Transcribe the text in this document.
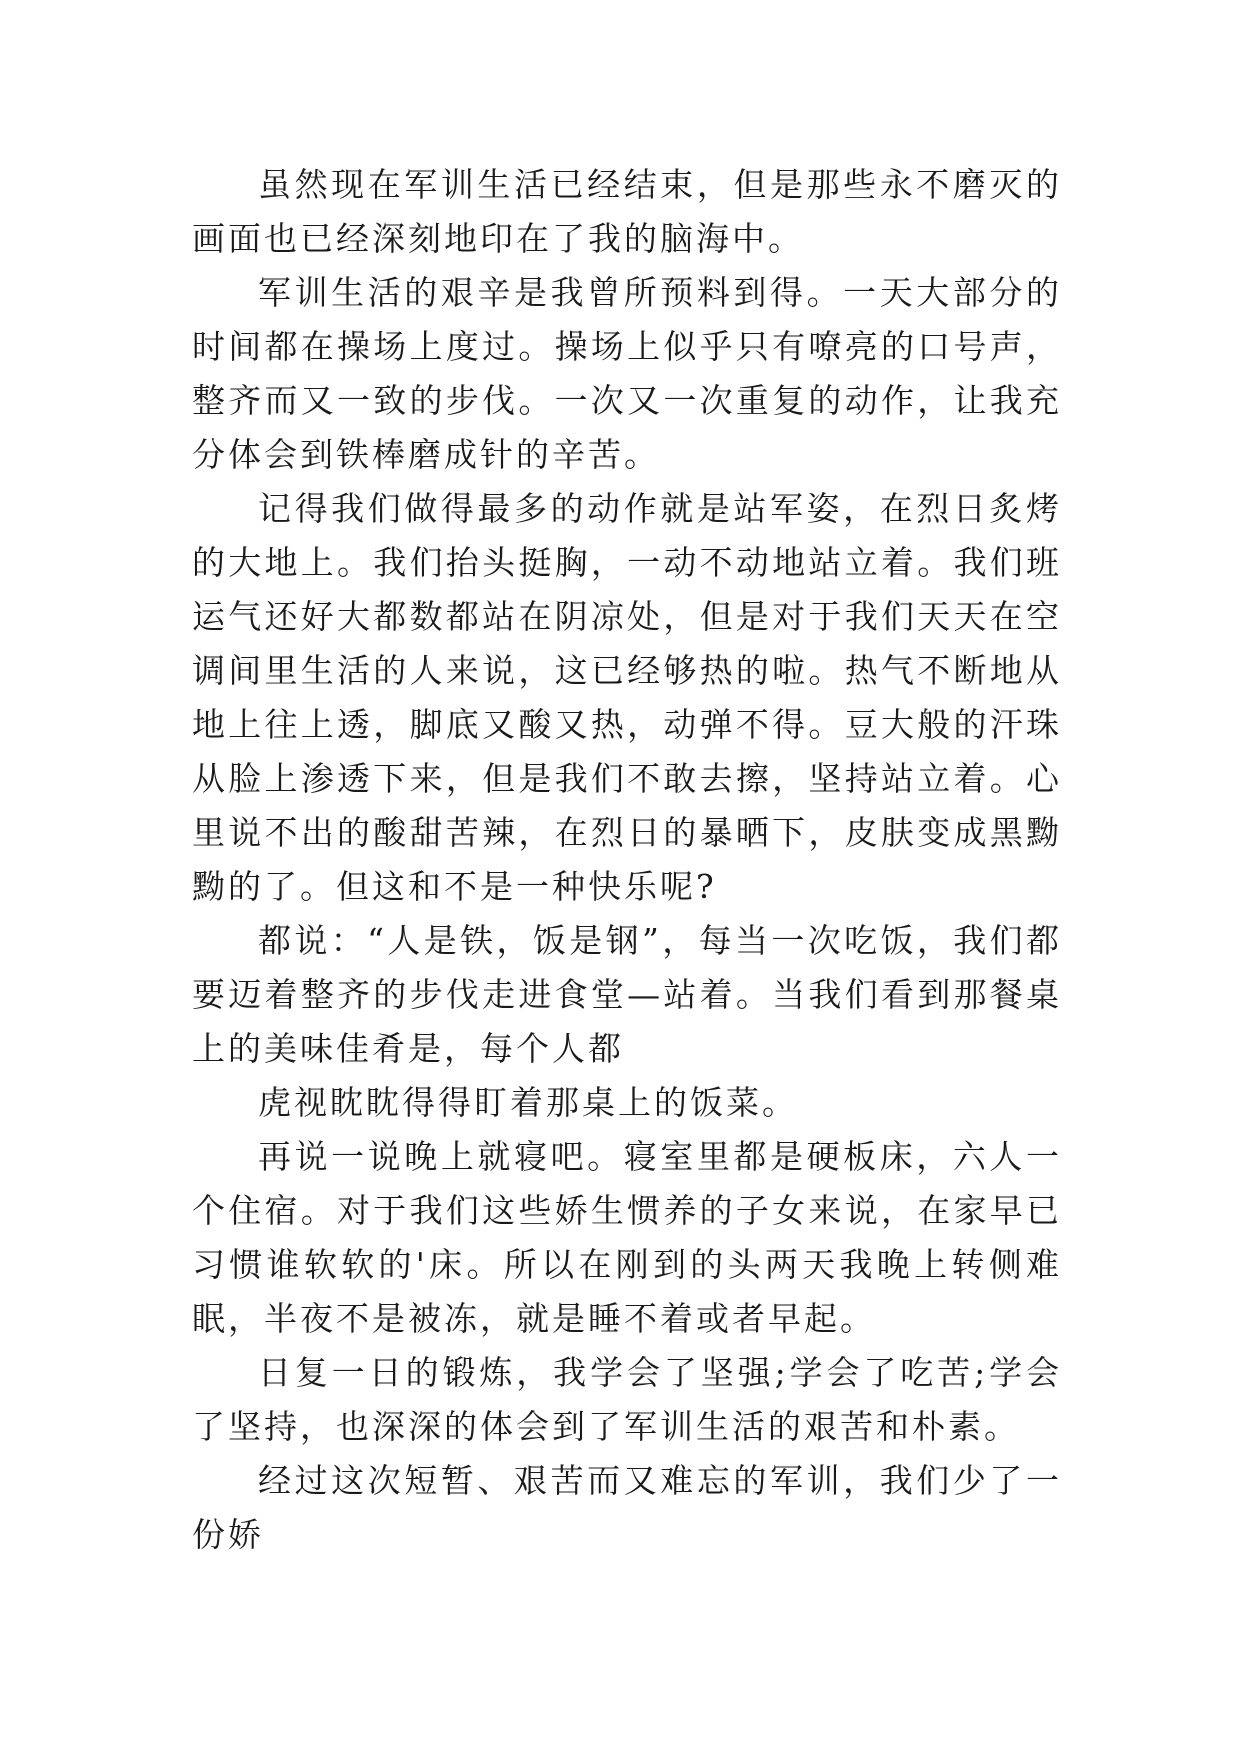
虽然现在军训生活已经结束，但是那些永不磨灭的画面也已经深刻地印在了我的脑海中。

军训生活的艰辛是我曾所预料到得。一天大部分的时间都在操场上度过。操场上似乎只有嘹亮的口号声，整齐而又一致的步伐。一次又一次重复的动作，让我充分体会到铁棒磨成针的辛苦。

记得我们做得最多的动作就是站军姿，在烈日炙烤的大地上。我们抬头挺胸，一动不动地站立着。我们班运气还好大都数都站在阴凉处，但是对于我们天天在空调间里生活的人来说，这已经够热的啦。热气不断地从地上往上透，脚底又酸又热，动弹不得。豆大般的汗珠从脸上渗透下来，但是我们不敢去擦，坚持站立着。心里说不出的酸甜苦辣，在烈日的暴晒下，皮肤变成黑黝黝的了。但这和不是一种快乐呢?

都说：“人是铁，饭是钢”，每当一次吃饭，我们都要迈着整齐的步伐走进食堂—站着。当我们看到那餐桌上的美味佳肴是，每个人都

虎视眈眈得得盯着那桌上的饭菜。

再说一说晚上就寝吧。寝室里都是硬板床，六人一个住宿。对于我们这些娇生惯养的子女来说，在家早已习惯谁软软的'床。所以在刚到的头两天我晚上转侧难眠，半夜不是被冻，就是睡不着或者早起。

日复一日的锻炼，我学会了坚强;学会了吃苦;学会了坚持，也深深的体会到了军训生活的艰苦和朴素。

经过这次短暂、艰苦而又难忘的军训，我们少了一份娇
